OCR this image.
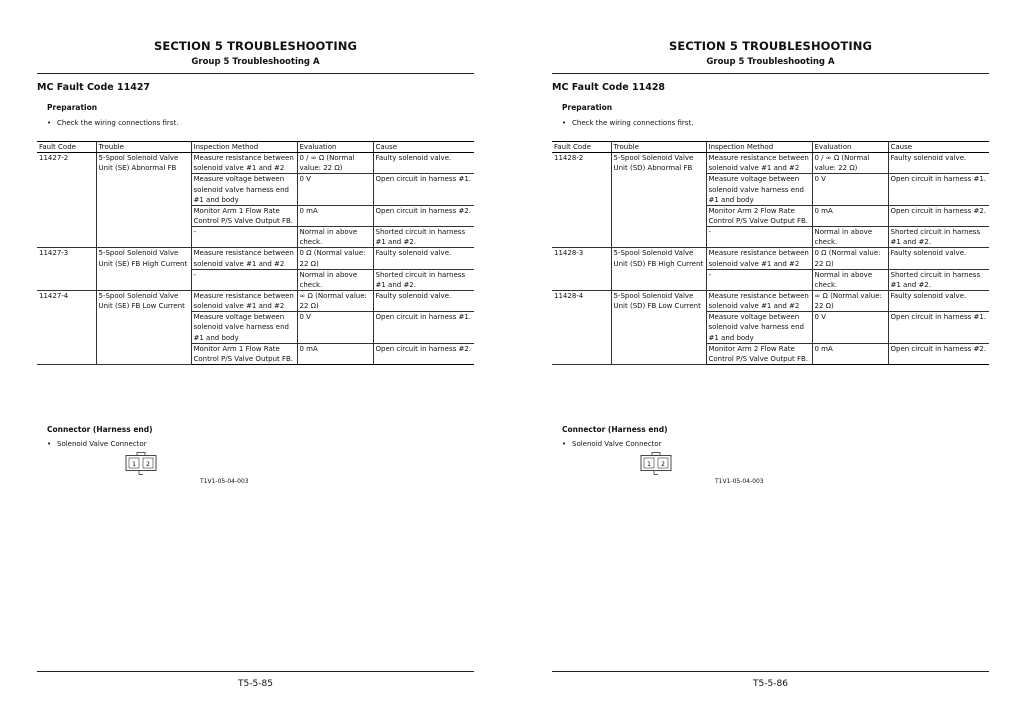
SECTION 5 TROUBLESHOOTING
Group 5 Troubleshooting A
MC Fault Code 11427
Preparation
• Check the wiring connections first.
Fault Code	Trouble	Inspection Method	Evaluation	Cause
11427-2	5-Spool Solenoid Valve Unit (SE) Abnormal FB	Measure resistance between solenoid valve #1 and #2	0 / ∞ Ω (Normal value: 22 Ω)	Faulty solenoid valve.
		Measure voltage between solenoid valve harness end #1 and body	0 V	Open circuit in harness #1.
		Monitor Arm 1 Flow Rate Control P/S Valve Output FB.	0 mA	Open circuit in harness #2.
		-	Normal in above check.	Shorted circuit in harness #1 and #2.
11427-3	5-Spool Solenoid Valve Unit (SE) FB High Current	Measure resistance between solenoid valve #1 and #2	0 Ω (Normal value: 22 Ω)	Faulty solenoid valve.
		-	Normal in above check.	Shorted circuit in harness #1 and #2.
11427-4	5-Spool Solenoid Valve Unit (SE) FB Low Current	Measure resistance between solenoid valve #1 and #2	∞ Ω (Normal value: 22 Ω)	Faulty solenoid valve.
		Measure voltage between solenoid valve harness end #1 and body	0 V	Open circuit in harness #1.
		Monitor Arm 1 Flow Rate Control P/S Valve Output FB.	0 mA	Open circuit in harness #2.
Connector (Harness end)
• Solenoid Valve Connector
1 2
T1V1-05-04-003
T5-5-85
SECTION 5 TROUBLESHOOTING
Group 5 Troubleshooting A
MC Fault Code 11428
Preparation
• Check the wiring connections first.
Fault Code	Trouble	Inspection Method	Evaluation	Cause
11428-2	5-Spool Solenoid Valve Unit (SD) Abnormal FB	Measure resistance between solenoid valve #1 and #2	0 / ∞ Ω (Normal value: 22 Ω)	Faulty solenoid valve.
		Measure voltage between solenoid valve harness end #1 and body	0 V	Open circuit in harness #1.
		Monitor Arm 2 Flow Rate Control P/S Valve Output FB.	0 mA	Open circuit in harness #2.
		-	Normal in above check.	Shorted circuit in harness #1 and #2.
11428-3	5-Spool Solenoid Valve Unit (SD) FB High Current	Measure resistance between solenoid valve #1 and #2	0 Ω (Normal value: 22 Ω)	Faulty solenoid valve.
		-	Normal in above check.	Shorted circuit in harness #1 and #2.
11428-4	5-Spool Solenoid Valve Unit (SD) FB Low Current	Measure resistance between solenoid valve #1 and #2	∞ Ω (Normal value: 22 Ω)	Faulty solenoid valve.
		Measure voltage between solenoid valve harness end #1 and body	0 V	Open circuit in harness #1.
		Monitor Arm 2 Flow Rate Control P/S Valve Output FB.	0 mA	Open circuit in harness #2.
Connector (Harness end)
• Solenoid Valve Connector
1 2
T1V1-05-04-003
T5-5-86
